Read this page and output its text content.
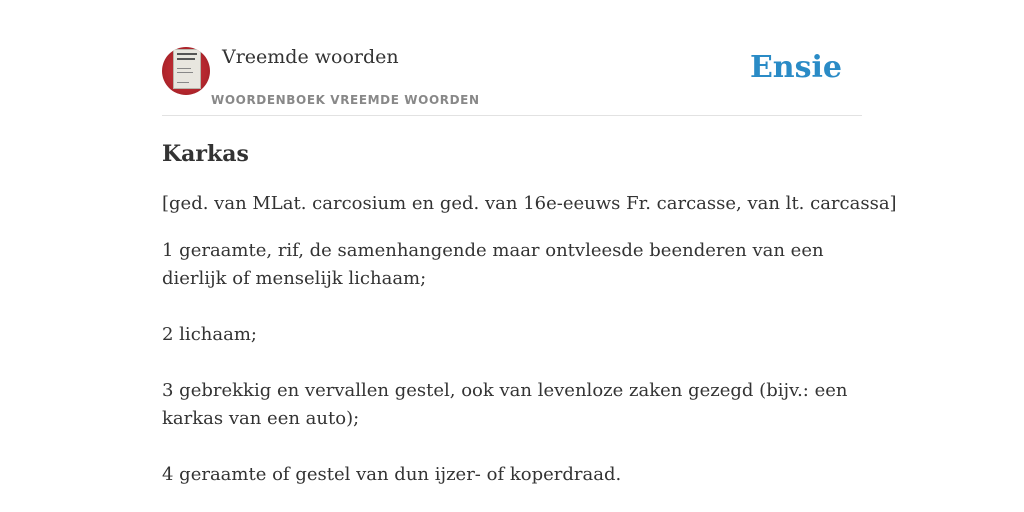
Vreemde woorden
WOORDENBOEK VREEMDE WOORDEN
Ensie
Karkas

[ged. van MLat. carcosium en ged. van 16e-eeuws Fr. carcasse, van lt. carcassa]

1 geraamte, rif, de samenhangende maar ontvleesde beenderen van een dierlijk of menselijk lichaam;
2 lichaam;
3 gebrekkig en vervallen gestel, ook van levenloze zaken gezegd (bijv.: een karkas van een auto);
4 geraamte of gestel van dun ijzer- of koperdraad.
